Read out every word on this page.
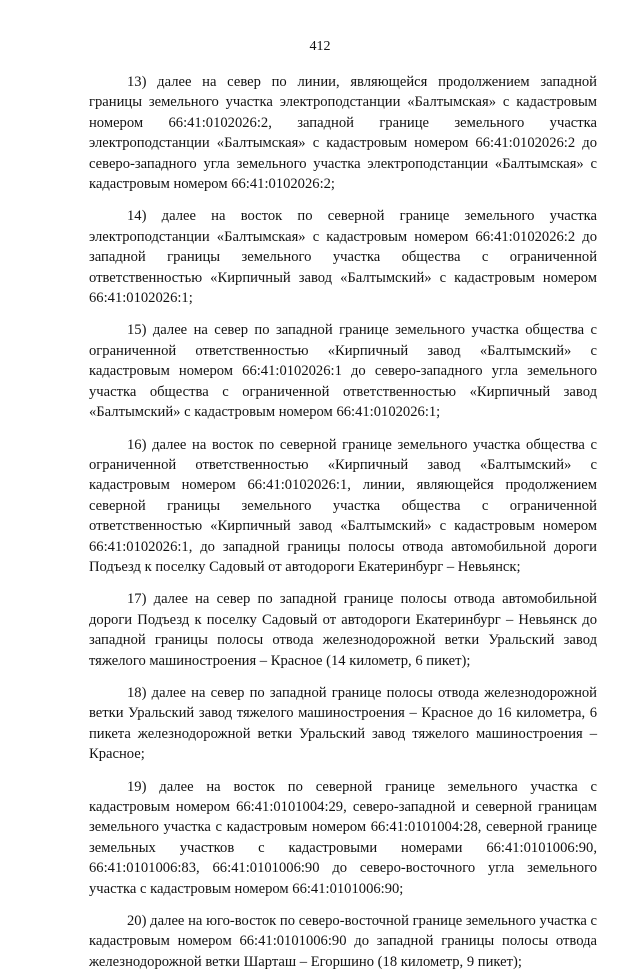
412

13) далее на север по линии, являющейся продолжением западной границы земельного участка электроподстанции «Балтымская» с кадастровым номером 66:41:0102026:2, западной границе земельного участка электроподстанции «Балтымская» с кадастровым номером 66:41:0102026:2 до северо-западного угла земельного участка электроподстанции «Балтымская» с кадастровым номером 66:41:0102026:2;

14) далее на восток по северной границе земельного участка электроподстанции «Балтымская» с кадастровым номером 66:41:0102026:2 до западной границы земельного участка общества с ограниченной ответственностью «Кирпичный завод «Балтымский» с кадастровым номером 66:41:0102026:1;

15) далее на север по западной границе земельного участка общества с ограниченной ответственностью «Кирпичный завод «Балтымский» с кадастровым номером 66:41:0102026:1 до северо-западного угла земельного участка общества с ограниченной ответственностью «Кирпичный завод «Балтымский» с кадастровым номером 66:41:0102026:1;

16) далее на восток по северной границе земельного участка общества с ограниченной ответственностью «Кирпичный завод «Балтымский» с кадастровым номером 66:41:0102026:1, линии, являющейся продолжением северной границы земельного участка общества с ограниченной ответственностью «Кирпичный завод «Балтымский» с кадастровым номером 66:41:0102026:1, до западной границы полосы отвода автомобильной дороги Подъезд к поселку Садовый от автодороги Екатеринбург – Невьянск;

17) далее на север по западной границе полосы отвода автомобильной дороги Подъезд к поселку Садовый от автодороги Екатеринбург – Невьянск до западной границы полосы отвода железнодорожной ветки Уральский завод тяжелого машиностроения – Красное (14 километр, 6 пикет);

18) далее на север по западной границе полосы отвода железнодорожной ветки Уральский завод тяжелого машиностроения – Красное до 16 километра, 6 пикета железнодорожной ветки Уральский завод тяжелого машиностроения – Красное;

19) далее на восток по северной границе земельного участка с кадастровым номером 66:41:0101004:29, северо-западной и северной границам земельного участка с кадастровым номером 66:41:0101004:28, северной границе земельных участков с кадастровыми номерами 66:41:0101006:90, 66:41:0101006:83, 66:41:0101006:90 до северо-восточного угла земельного участка с кадастровым номером 66:41:0101006:90;

20) далее на юго-восток по северо-восточной границе земельного участка с кадастровым номером 66:41:0101006:90 до западной границы полосы отвода железнодорожной ветки Шарташ – Егоршино (18 километр, 9 пикет);
